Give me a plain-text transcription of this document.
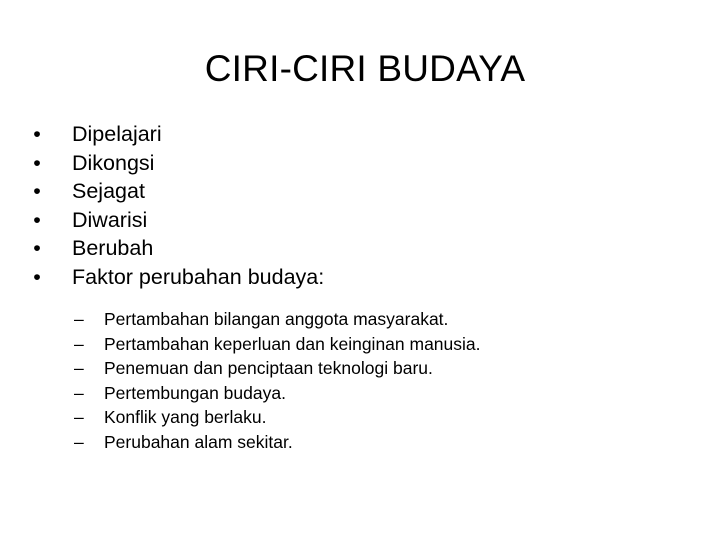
CIRI-CIRI BUDAYA
• Dipelajari
• Dikongsi
• Sejagat
• Diwarisi
• Berubah
• Faktor perubahan budaya:
–	Pertambahan bilangan anggota masyarakat.
–	Pertambahan keperluan dan keinginan manusia.
–	Penemuan dan penciptaan teknologi baru.
–	Pertembungan budaya.
–	Konflik yang berlaku.
–	Perubahan alam sekitar.
